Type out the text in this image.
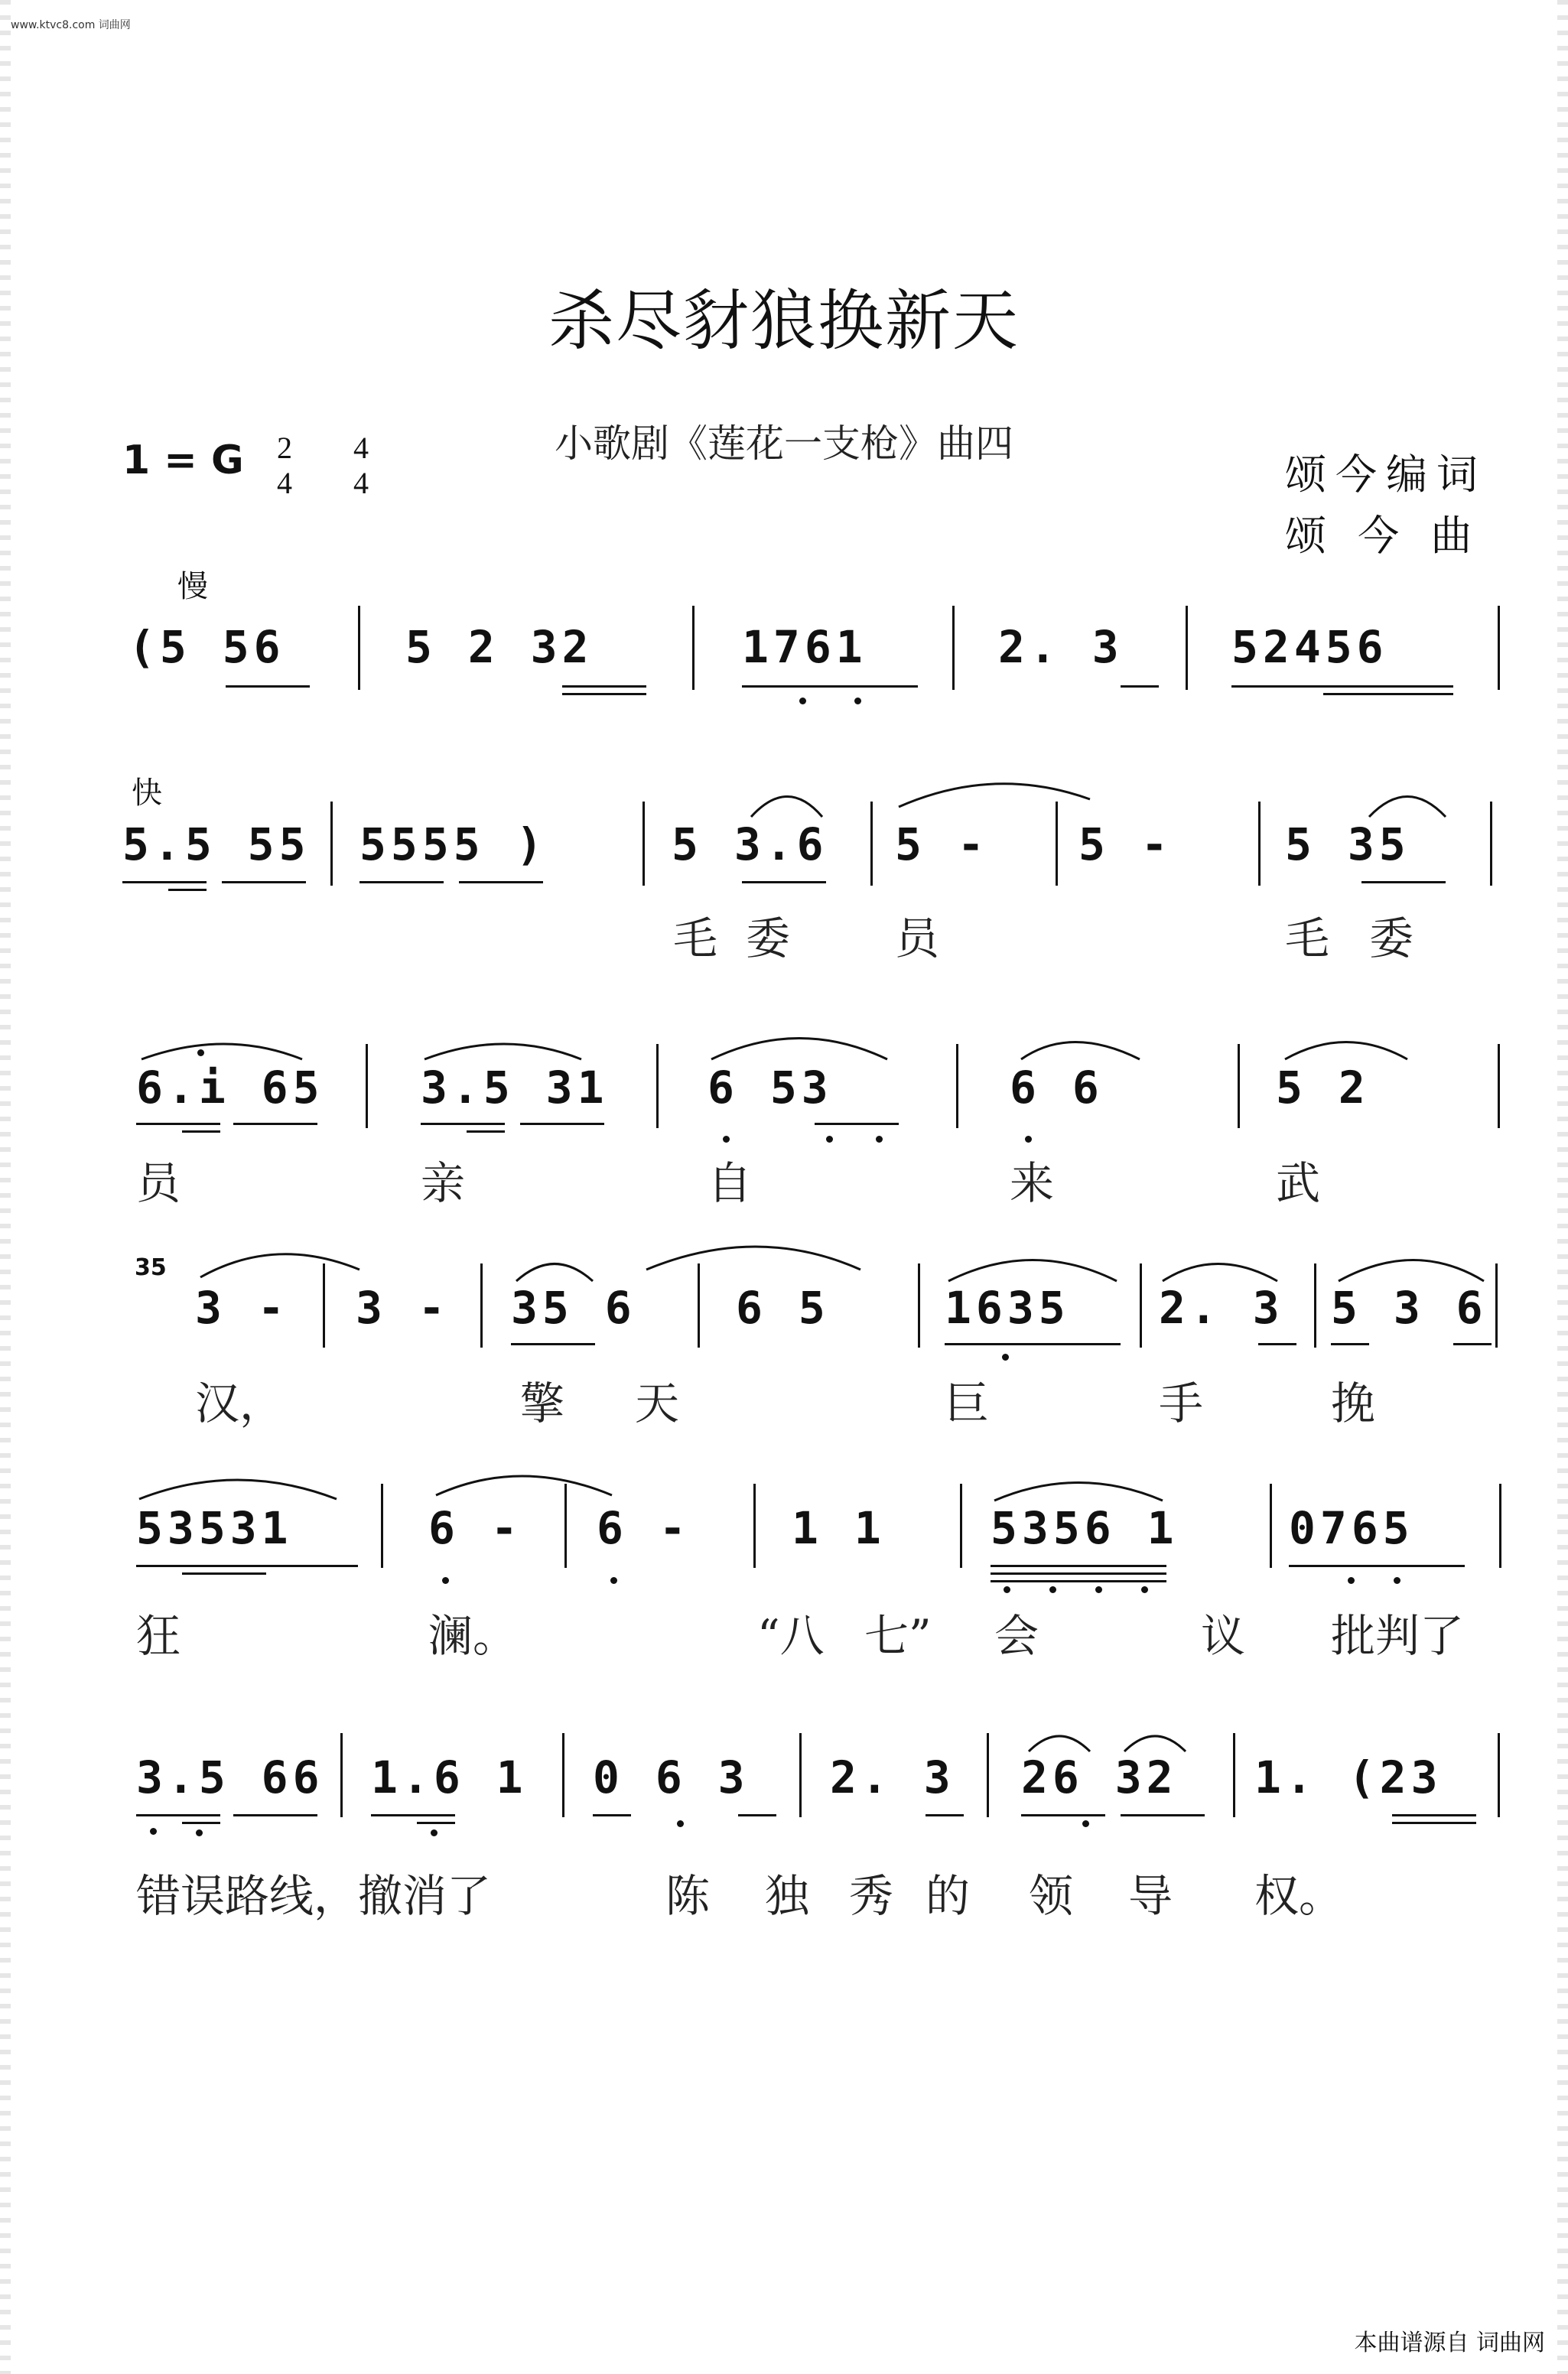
www.ktvc8.com 词曲网
杀尽豺狼换新天
小歌剧《莲花一支枪》曲四
1 = G 2
4
4
4	颂今编词
颂 今 曲
慢
快
(5 56	5 2 32	1761	2. 3 52456
5.5 55 5555 )	5 3.6 5 - 5 -	5 35
毛 委 员	毛 委
6.i 65 3.5 31 6 53	6 6	5 2
员	亲	自	来	武
35
3 - 3 - 35 6 6 5	1635 2. 3 5 3 6
汉，	擎 天	巨	手	挽
53531	6 - 6 - 1 1 5356 1 0765
狂	澜。	“八 七” 会	议 批判了
3.5 66 1.6 1 0 6 3 2. 3 26 32 1. (23
错误路线，撤消了	陈 独 秀 的 领 导 权。
本曲谱源自 词曲网
